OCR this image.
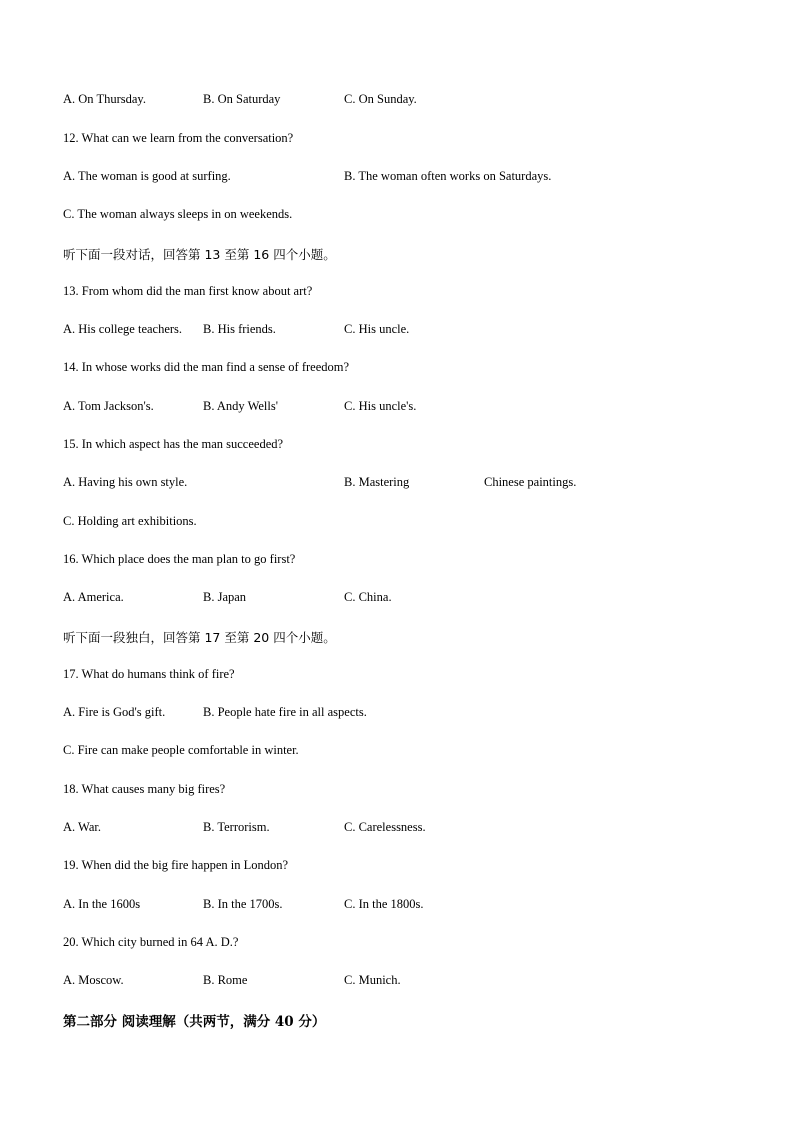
A. On Thursday.	B. On Saturday	C. On Sunday.
12. What can we learn from the conversation?
A. The woman is good at surfing.	B. The woman often works on Saturdays.
C. The woman always sleeps in on weekends.
听下面一段对话，回答第 13 至第 16 四个小题。
13. From whom did the man first know about art?
A. His college teachers. B. His friends.	C. His uncle.
14. In whose works did the man find a sense of freedom?
A. Tom Jackson's.	B. Andy Wells'	C. His uncle's.
15. In which aspect has the man succeeded?
A. Having his own style.	B. Mastering	Chinese paintings.
C. Holding art exhibitions.
16. Which place does the man plan to go first?
A. America.	B. Japan	C. China.
听下面一段独白，回答第 17 至第 20 四个小题。
17. What do humans think of fire?
A. Fire is God's gift.	B. People hate fire in all aspects.
C. Fire can make people comfortable in winter.
18. What causes many big fires?
A. War.	B. Terrorism.	C. Carelessness.
19. When did the big fire happen in London?
A. In the 1600s	B. In the 1700s.	C. In the 1800s.
20. Which city burned in 64 A. D.?
A. Moscow.	B. Rome	C. Munich.
第二部分 阅读理解（共两节，满分 40 分）
